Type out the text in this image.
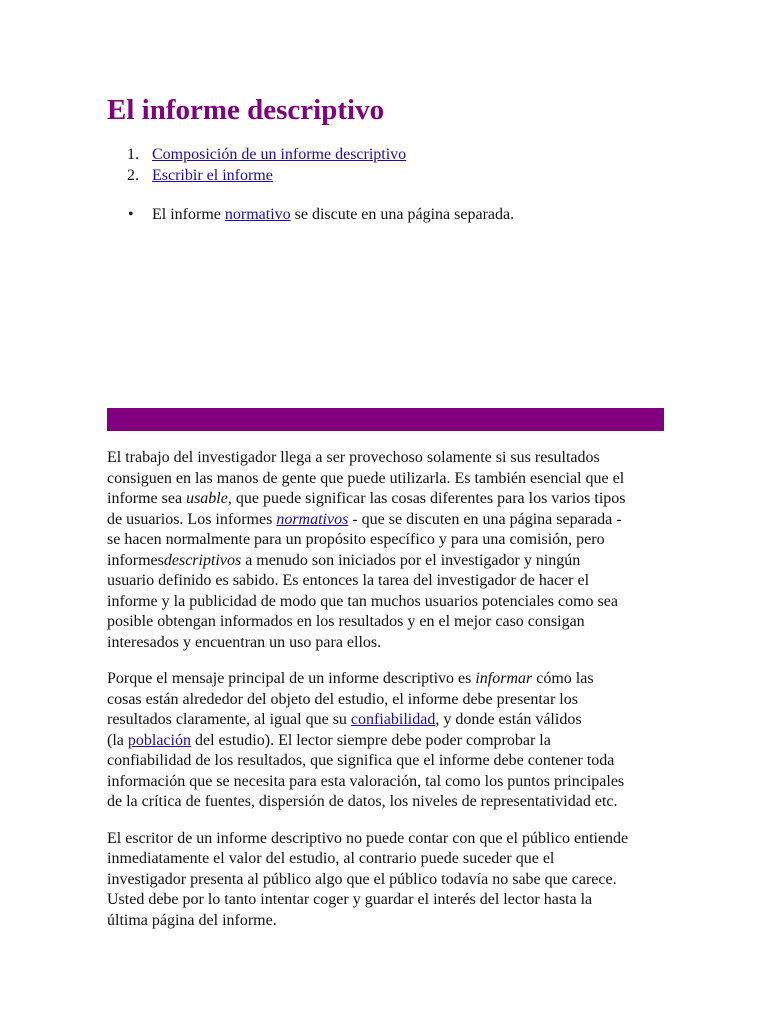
El informe descriptivo
1. Composición de un informe descriptivo
2. Escribir el informe
• El informe normativo se discute en una página separada.

El trabajo del investigador llega a ser provechoso solamente si sus resultados
consiguen en las manos de gente que puede utilizarla. Es también esencial que el
informe sea usable, que puede significar las cosas diferentes para los varios tipos
de usuarios. Los informes normativos - que se discuten en una página separada -
se hacen normalmente para un propósito específico y para una comisión, pero
informesdescriptivos a menudo son iniciados por el investigador y ningún
usuario definido es sabido. Es entonces la tarea del investigador de hacer el
informe y la publicidad de modo que tan muchos usuarios potenciales como sea
posible obtengan informados en los resultados y en el mejor caso consigan
interesados y encuentran un uso para ellos.

Porque el mensaje principal de un informe descriptivo es informar cómo las
cosas están alrededor del objeto del estudio, el informe debe presentar los
resultados claramente, al igual que su confiabilidad, y donde están válidos
(la población del estudio). El lector siempre debe poder comprobar la
confiabilidad de los resultados, que significa que el informe debe contener toda
información que se necesita para esta valoración, tal como los puntos principales
de la crítica de fuentes, dispersión de datos, los niveles de representatividad etc.

El escritor de un informe descriptivo no puede contar con que el público entiende
inmediatamente el valor del estudio, al contrario puede suceder que el
investigador presenta al público algo que el público todavía no sabe que carece.
Usted debe por lo tanto intentar coger y guardar el interés del lector hasta la
última página del informe.
